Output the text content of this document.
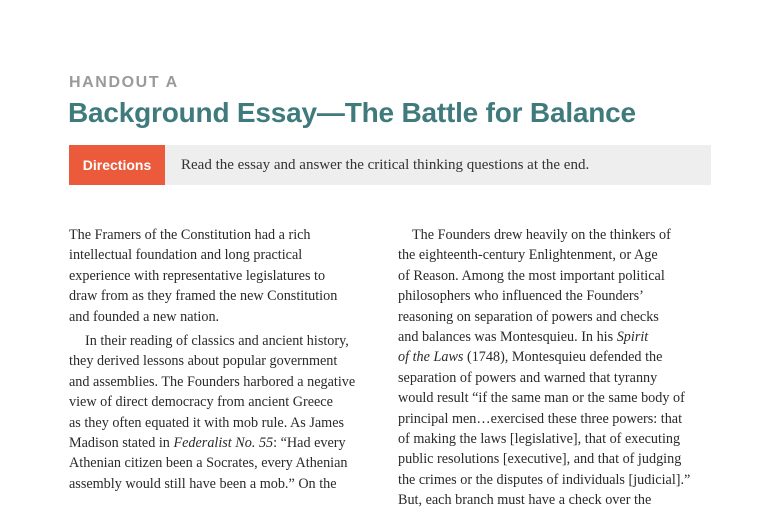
HANDOUT A
Background Essay—The Battle for Balance
Directions	Read the essay and answer the critical thinking questions at the end.
The Framers of the Constitution had a rich
intellectual foundation and long practical
experience with representative legislatures to
draw from as they framed the new Constitution
and founded a new nation.
In their reading of classics and ancient history,
they derived lessons about popular government
and assemblies. The Founders harbored a negative
view of direct democracy from ancient Greece
as they often equated it with mob rule. As James
Madison stated in Federalist No. 55: “Had every
Athenian citizen been a Socrates, every Athenian
assembly would still have been a mob.” On the
The Founders drew heavily on the thinkers of
the eighteenth-century Enlightenment, or Age
of Reason. Among the most important political
philosophers who influenced the Founders’
reasoning on separation of powers and checks
and balances was Montesquieu. In his Spirit
of the Laws (1748), Montesquieu defended the
separation of powers and warned that tyranny
would result “if the same man or the same body of
principal men…exercised these three powers: that
of making the laws [legislative], that of executing
public resolutions [executive], and that of judging
the crimes or the disputes of individuals [judicial].”
But, each branch must have a check over the
